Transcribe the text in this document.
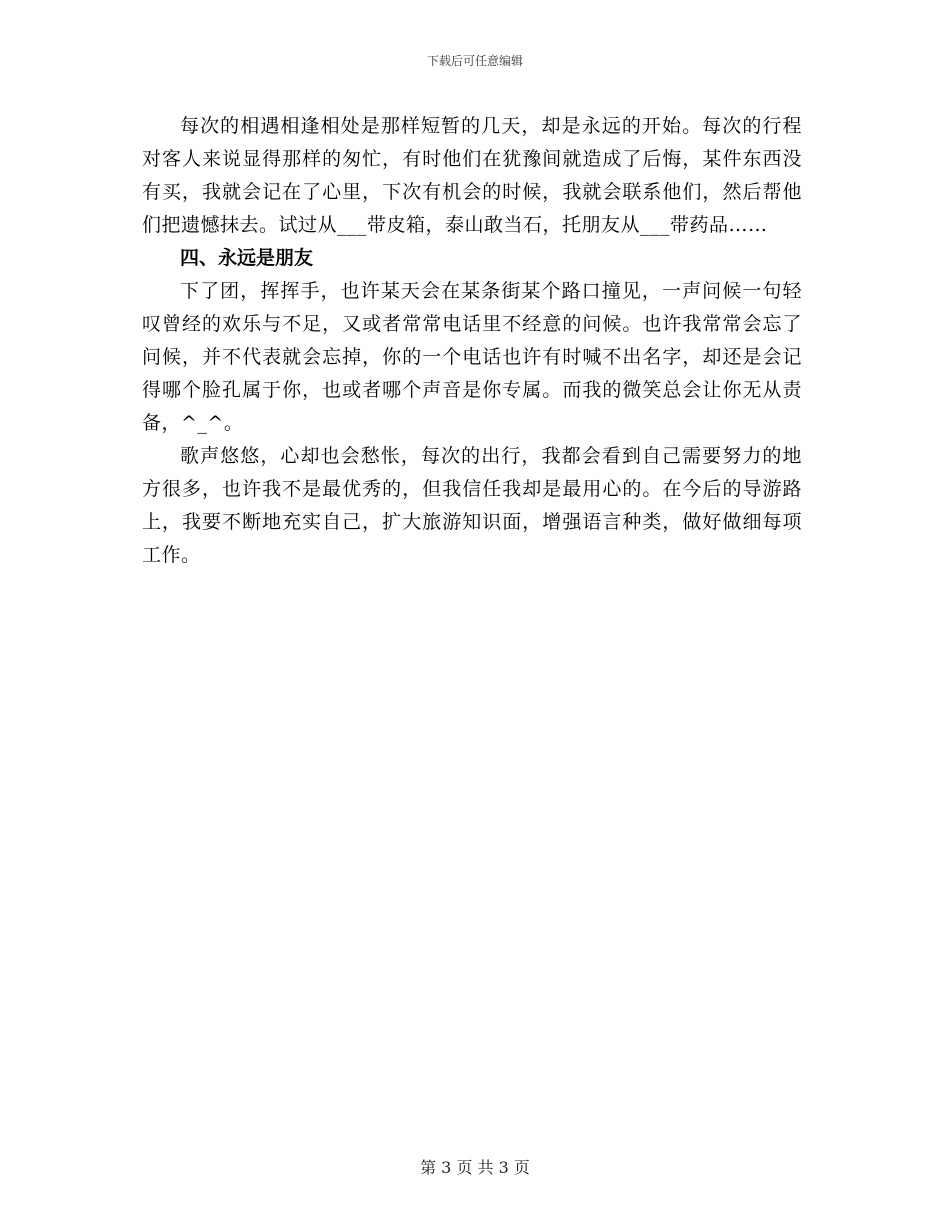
下载后可任意编辑

每次的相遇相逢相处是那样短暂的几天，却是永远的开始。每次的行程对客人来说显得那样的匆忙，有时他们在犹豫间就造成了后悔，某件东西没有买，我就会记在了心里，下次有机会的时候，我就会联系他们，然后帮他们把遗憾抹去。试过从___带皮箱，泰山敢当石，托朋友从___带药品……

四、永远是朋友

下了团，挥挥手，也许某天会在某条街某个路口撞见，一声问候一句轻叹曾经的欢乐与不足，又或者常常电话里不经意的问候。也许我常常会忘了问候，并不代表就会忘掉，你的一个电话也许有时喊不出名字，却还是会记得哪个脸孔属于你，也或者哪个声音是你专属。而我的微笑总会让你无从责备，^_^。

歌声悠悠，心却也会愁怅，每次的出行，我都会看到自己需要努力的地方很多，也许我不是最优秀的，但我信任我却是最用心的。在今后的导游路上，我要不断地充实自己，扩大旅游知识面，增强语言种类，做好做细每项工作。

第 3 页 共 3 页
